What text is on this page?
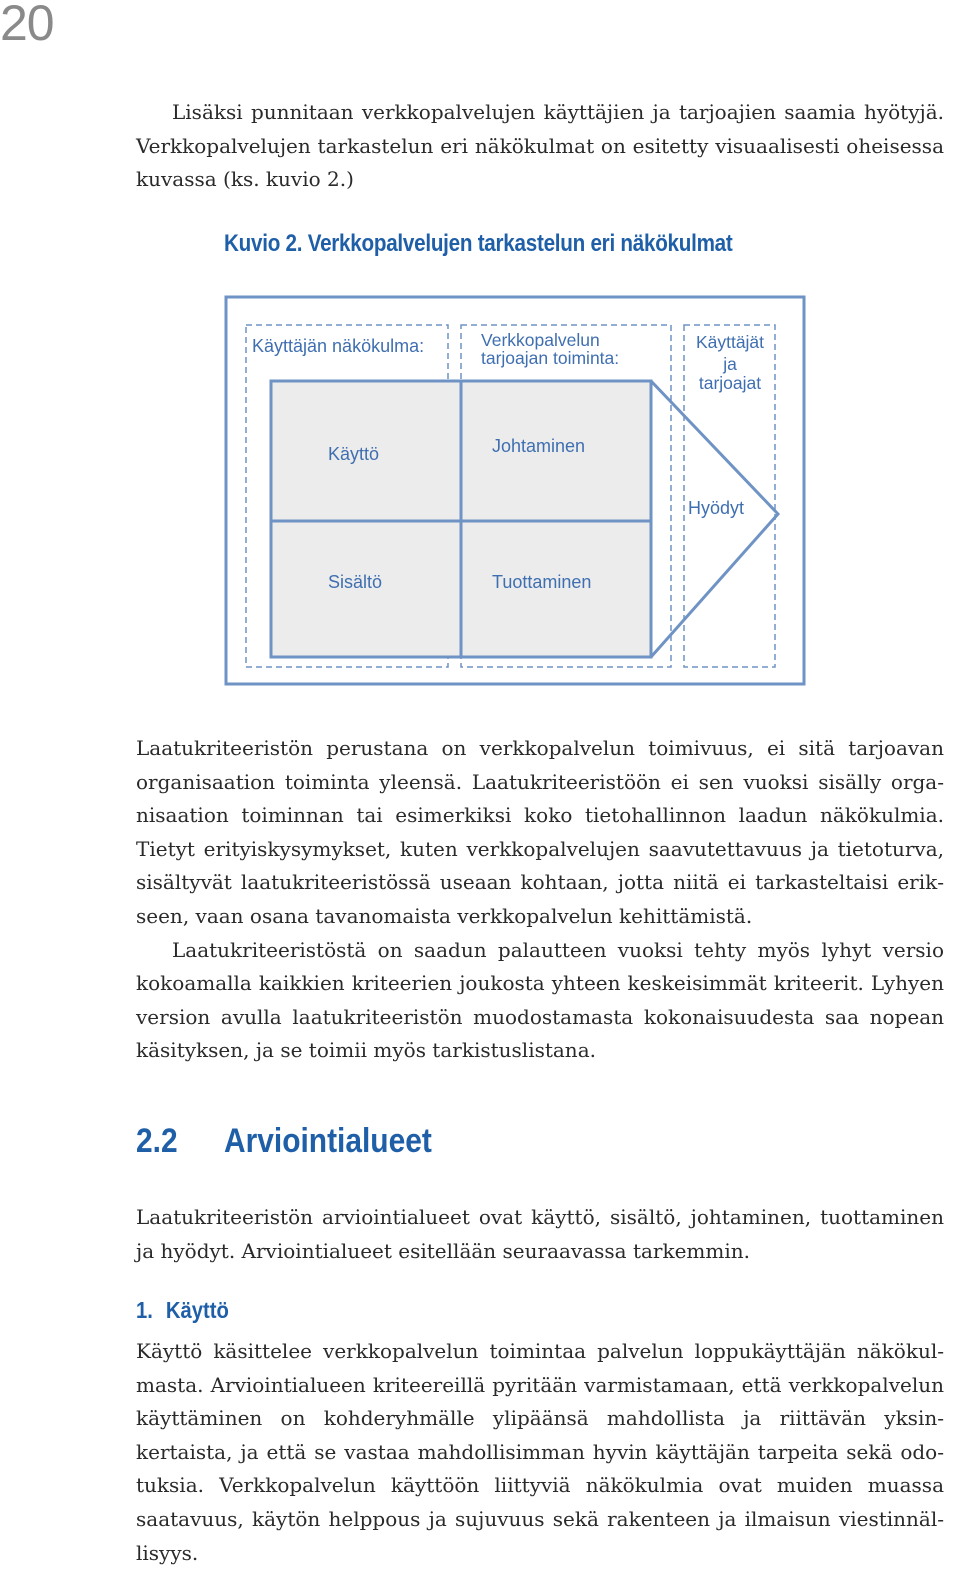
20

Lisäksi punnitaan verkkopalvelujen käyttäjien ja tarjoajien saamia hyötyjä. Verkkopalvelujen tarkastelun eri näkökulmat on esitetty visuaalisesti oheisessa kuvassa (ks. kuvio 2.)

Kuvio 2. Verkkopalvelujen tarkastelun eri näkökulmat
Käyttäjän näkökulma:	Verkkopalvelun
tarjoajan toiminta:
Käyttäjät
ja
tarjoajat
Käyttö	Johtaminen
Sisältö	Tuottaminen
Hyödyt

Laatukriteeristön perustana on verkkopalvelun toimivuus, ei sitä tarjoavan organisaation toiminta yleensä. Laatukriteeristöön ei sen vuoksi sisälly organisaation toiminnan tai esimerkiksi koko tietohallinnon laadun näkökulmia. Tietyt erityiskysymykset, kuten verkkopalvelujen saavutettavuus ja tietoturva, sisältyvät laatukriteeristössä useaan kohtaan, jotta niitä ei tarkasteltaisi erikseen, vaan osana tavanomaista verkkopalvelun kehittämistä.

Laatukriteeristöstä on saadun palautteen vuoksi tehty myös lyhyt versio kokoamalla kaikkien kriteerien joukosta yhteen keskeisimmät kriteerit. Lyhyen version avulla laatukriteeristön muodostamasta kokonaisuudesta saa nopean käsityksen, ja se toimii myös tarkistuslistana.

2.2 Arviointialueet

Laatukriteeristön arviointialueet ovat käyttö, sisältö, johtaminen, tuottaminen ja hyödyt. Arviointialueet esitellään seuraavassa tarkemmin.

1. Käyttö

Käyttö käsittelee verkkopalvelun toimintaa palvelun loppukäyttäjän näkökulmasta. Arviointialueen kriteereillä pyritään varmistamaan, että verkkopalvelun käyttäminen on kohderyhmälle ylipäänsä mahdollista ja riittävän yksinkertaista, ja että se vastaa mahdollisimman hyvin käyttäjän tarpeita sekä odotuksia. Verkkopalvelun käyttöön liittyviä näkökulmia ovat muiden muassa saatavuus, käytön helppous ja sujuvuus sekä rakenteen ja ilmaisun viestinnällisyys.
